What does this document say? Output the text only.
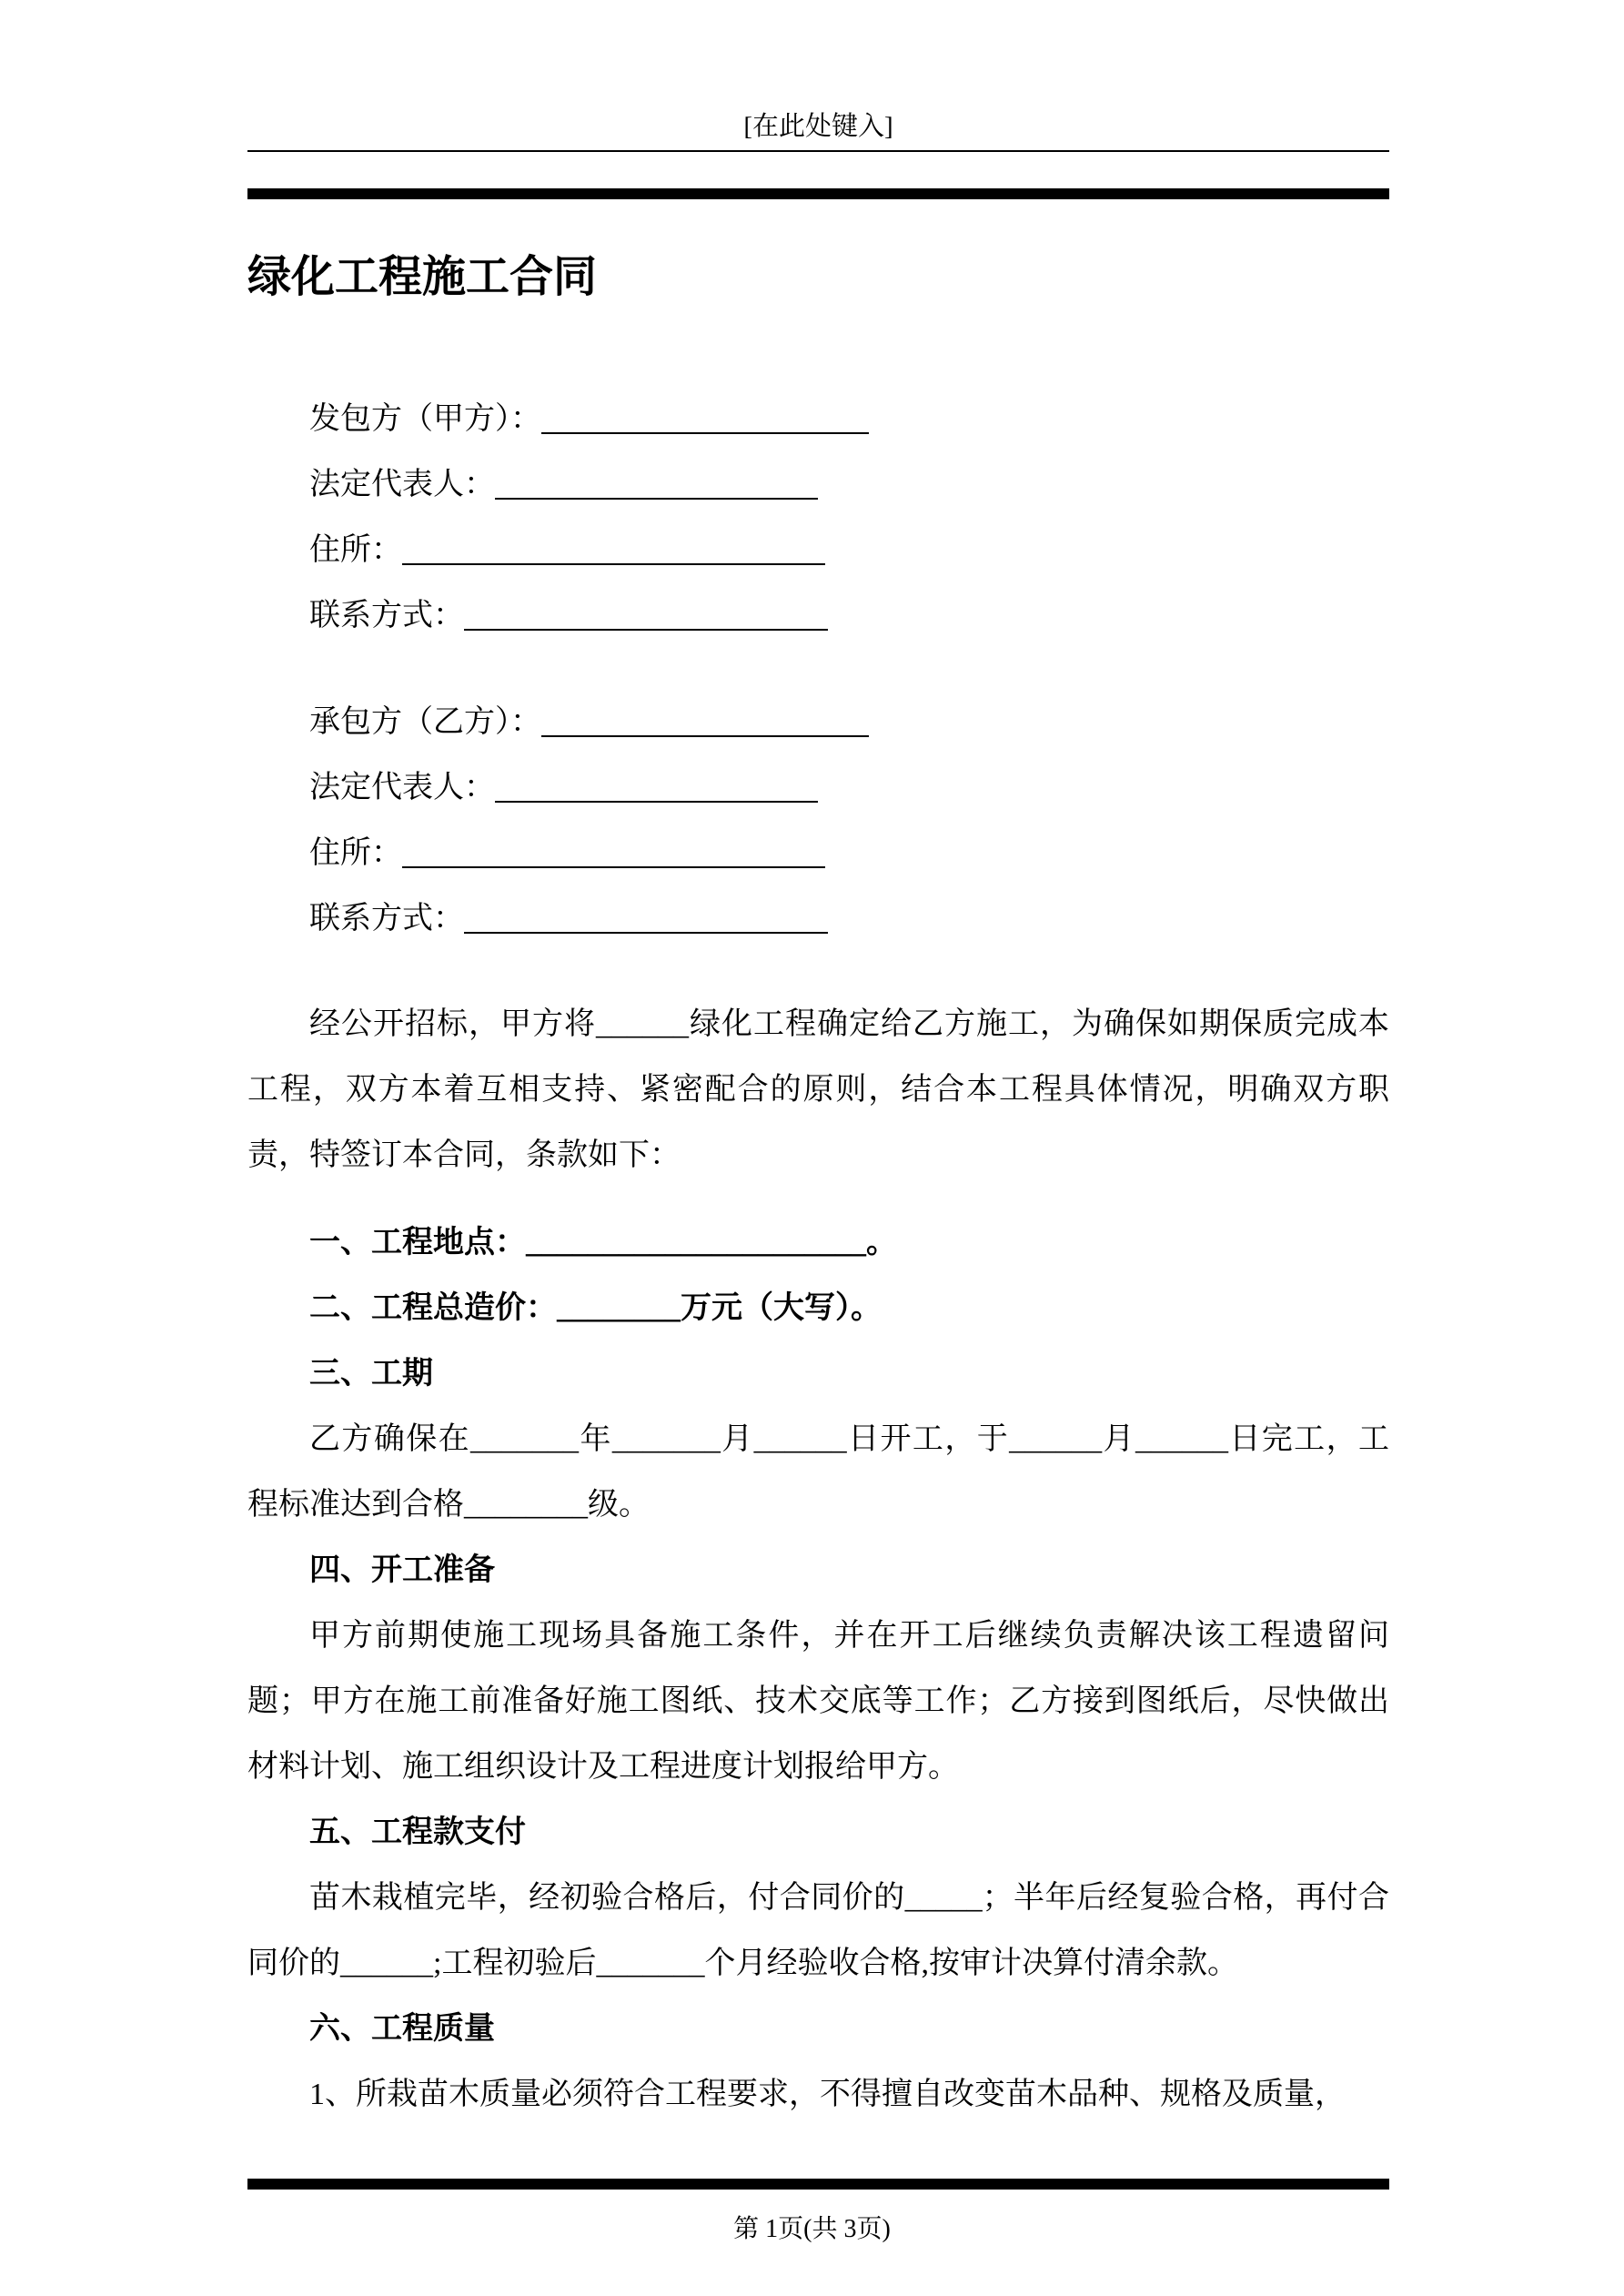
[在此处键入]
绿化工程施工合同
发包方（甲方）：
法定代表人：
住所：
联系方式：
承包方（乙方）：
法定代表人：
住所：
联系方式：

经公开招标，甲方将______绿化工程确定给乙方施工，为确保如期保质完成本工程，双方本着互相支持、紧密配合的原则，结合本工程具体情况，明确双方职责，特签订本合同，条款如下：

一、工程地点：______________________。
二、工程总造价：________万元（大写）。
三、工期

乙方确保在_______年_______月______日开工，于______月______日完工，工程标准达到合格________级。

四、开工准备

甲方前期使施工现场具备施工条件，并在开工后继续负责解决该工程遗留问题；甲方在施工前准备好施工图纸、技术交底等工作；乙方接到图纸后，尽快做出材料计划、施工组织设计及工程进度计划报给甲方。

五、工程款支付

苗木栽植完毕，经初验合格后，付合同价的_____；半年后经复验合格，再付合同价的______;工程初验后_______个月经验收合格,按审计决算付清余款。

六、工程质量

1、所栽苗木质量必须符合工程要求，不得擅自改变苗木品种、规格及质量，

第 1页(共 3页)
